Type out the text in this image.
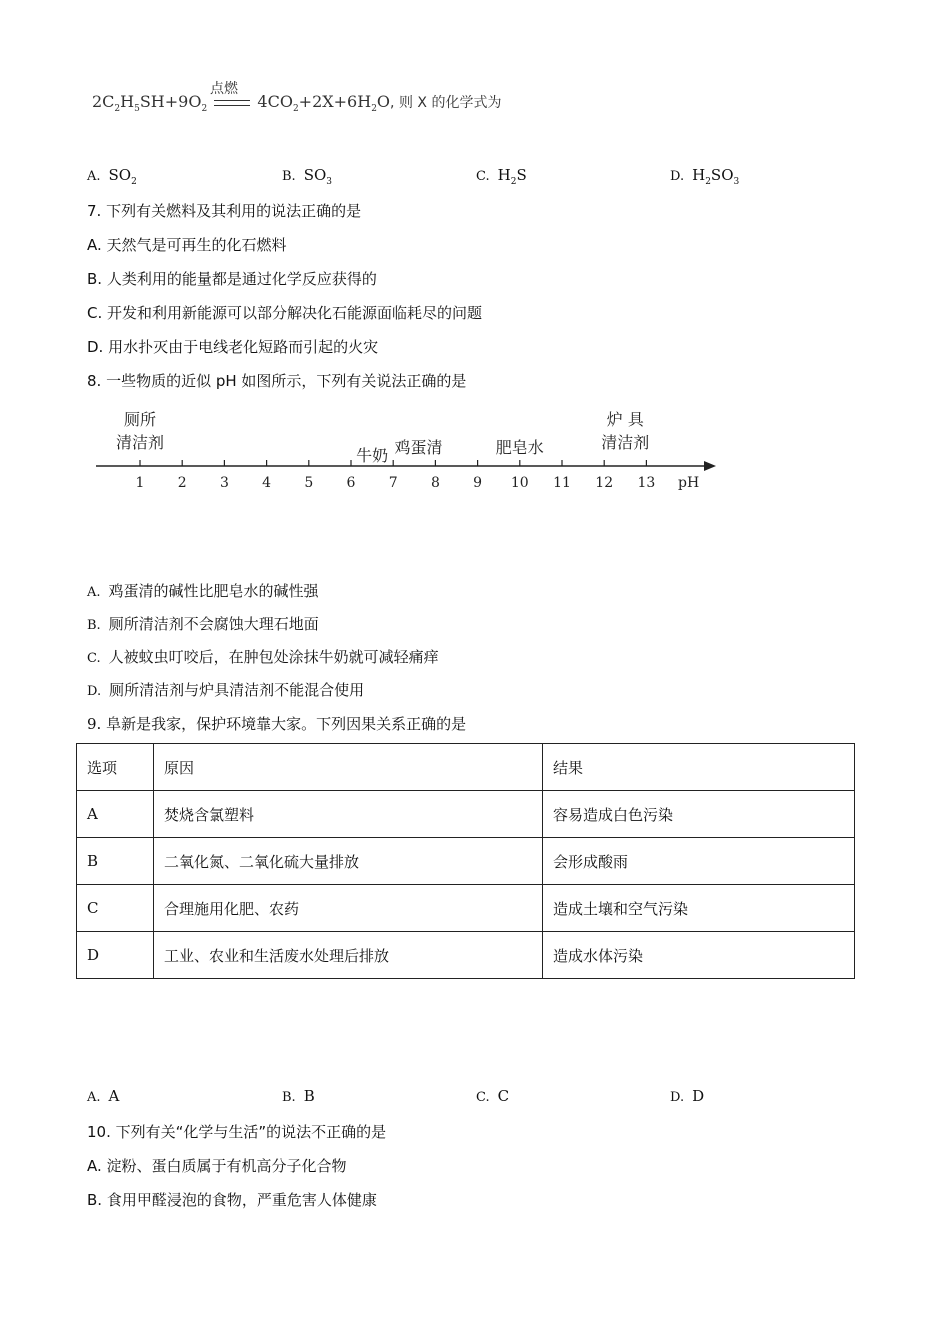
$2C_2H_5SH+9O_2$
点燃
$4CO_2+2X+6H_2O$, 则 X 的化学式为
A. $SO_2$	B. $SO_3$	C. $H_2S$	D. $H_2SO_3$
7. 下列有关燃料及其利用的说法正确的是
A. 天然气是可再生的化石燃料
B. 人类利用的能量都是通过化学反应获得的
C. 开发和利用新能源可以部分解决化石能源面临耗尽的问题
D. 用水扑灭由于电线老化短路而引起的火灾
8. 一些物质的近似 pH 如图所示，下列有关说法正确的是
1 2 3 4 5 6 7 8 9 10 11 12 13
厕所
清洁剂
牛奶 鸡蛋清	肥皂水
炉 具
清洁剂
pH
A. 鸡蛋清的碱性比肥皂水的碱性强
B. 厕所清洁剂不会腐蚀大理石地面
C. 人被蚊虫叮咬后，在肿包处涂抹牛奶就可减轻痛痒
D. 厕所清洁剂与炉具清洁剂不能混合使用
9. 阜新是我家，保护环境靠大家。下列因果关系正确的是
选项	原因	结果
A	焚烧含氯塑料	容易造成白色污染
B	二氧化氮、二氧化硫大量排放	会形成酸雨
C	合理施用化肥、农药	造成土壤和空气污染
D	工业、农业和生活废水处理后排放	造成水体污染
A. A	B. B	C. C	D. D
10. 下列有关“化学与生活”的说法不正确的是
A. 淀粉、蛋白质属于有机高分子化合物
B. 食用甲醛浸泡的食物，严重危害人体健康
